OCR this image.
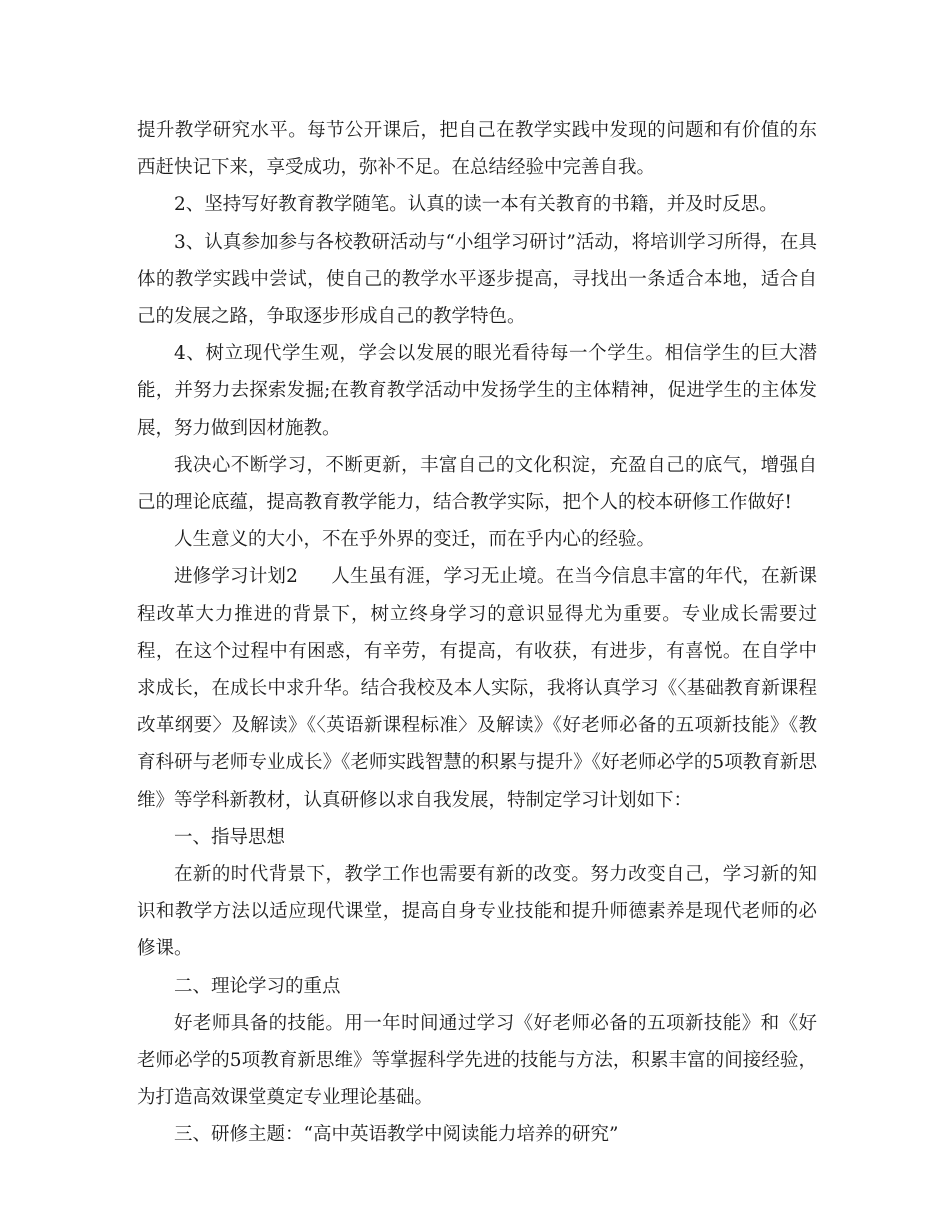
提升教学研究水平。每节公开课后，把自己在教学实践中发现的问题和有价值的东西赶快记下来，享受成功，弥补不足。在总结经验中完善自我。

2、坚持写好教育教学随笔。认真的读一本有关教育的书籍，并及时反思。

3、认真参加参与各校教研活动与“小组学习研讨”活动，将培训学习所得，在具体的教学实践中尝试，使自己的教学水平逐步提高，寻找出一条适合本地，适合自己的发展之路，争取逐步形成自己的教学特色。

4、树立现代学生观，学会以发展的眼光看待每一个学生。相信学生的巨大潜能，并努力去探索发掘;在教育教学活动中发扬学生的主体精神，促进学生的主体发展，努力做到因材施教。

我决心不断学习，不断更新，丰富自己的文化积淀，充盈自己的底气，增强自己的理论底蕴，提高教育教学能力，结合教学实际，把个人的校本研修工作做好!

人生意义的大小，不在乎外界的变迁，而在乎内心的经验。

进修学习计划2 人生虽有涯，学习无止境。在当今信息丰富的年代，在新课程改革大力推进的背景下，树立终身学习的意识显得尤为重要。专业成长需要过程，在这个过程中有困惑，有辛劳，有提高，有收获，有进步，有喜悦。在自学中求成长，在成长中求升华。结合我校及本人实际，我将认真学习《〈基础教育新课程改革纲要〉及解读》《〈英语新课程标准〉及解读》《好老师必备的五项新技能》《教育科研与老师专业成长》《老师实践智慧的积累与提升》《好老师必学的5项教育新思维》等学科新教材，认真研修以求自我发展，特制定学习计划如下：

一、指导思想

在新的时代背景下，教学工作也需要有新的改变。努力改变自己，学习新的知识和教学方法以适应现代课堂，提高自身专业技能和提升师德素养是现代老师的必修课。

二、理论学习的重点

好老师具备的技能。用一年时间通过学习《好老师必备的五项新技能》和《好老师必学的5项教育新思维》等掌握科学先进的技能与方法，积累丰富的间接经验，为打造高效课堂奠定专业理论基础。

三、研修主题：“高中英语教学中阅读能力培养的研究”
